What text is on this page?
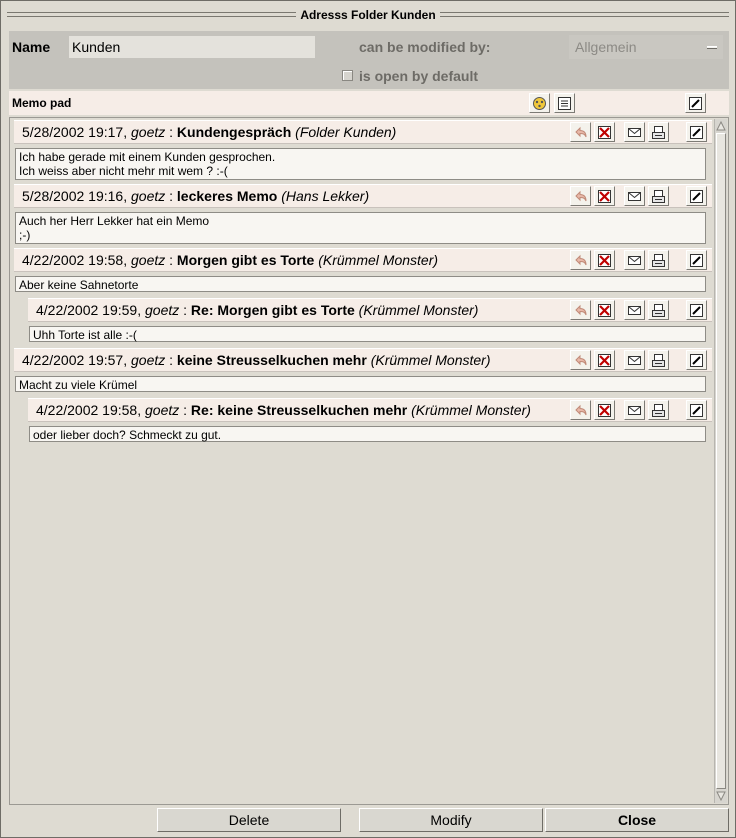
Adresss Folder Kunden
Name
Kunden	can be modified by:	Allgemein
is open by default
Memo pad
5/28/2002 19:17, goetz : Kundengespräch (Folder Kunden)
Ich habe gerade mit einem Kunden gesprochen.
Ich weiss aber nicht mehr mit wem ? :-(
5/28/2002 19:16, goetz : leckeres Memo (Hans Lekker)
Auch her Herr Lekker hat ein Memo
;-)
4/22/2002 19:58, goetz : Morgen gibt es Torte (Krümmel Monster)
Aber keine Sahnetorte
4/22/2002 19:59, goetz : Re: Morgen gibt es Torte (Krümmel Monster)
Uhh Torte ist alle :-(
4/22/2002 19:57, goetz : keine Streusselkuchen mehr (Krümmel Monster)
Macht zu viele Krümel
4/22/2002 19:58, goetz : Re: keine Streusselkuchen mehr (Krümmel Monster)
oder lieber doch? Schmeckt zu gut.
Delete	Modify	Close
